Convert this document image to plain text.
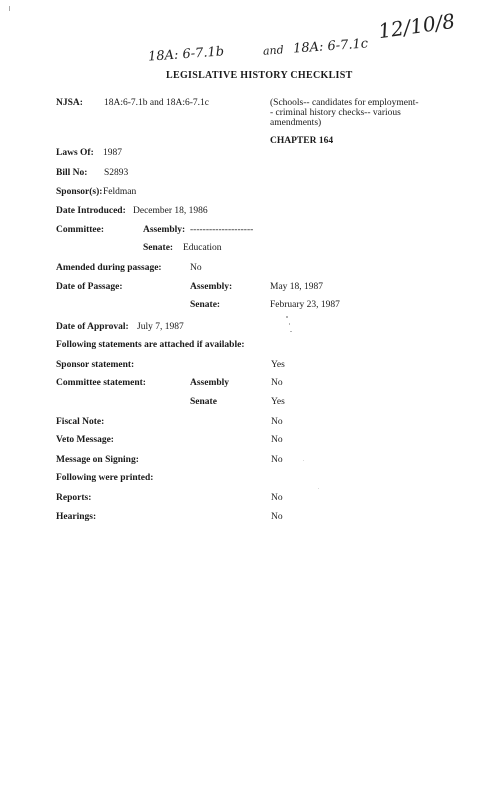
12/10/8
18A: 6-7.1b	and 18A: 6-7.1c
LEGISLATIVE HISTORY CHECKLIST
NJSA: 18A:6-7.1b and 18A:6-7.1c	(Schools-- candidates for employment-- criminal history checks-- various amendments)
CHAPTER 164
Laws Of: 1987
Bill No: S2893
Sponsor(s): Feldman
Date Introduced: December 18, 1986
Committee:	Assembly: --------------------
Senate: Education
Amended during passage:	No
Date of Passage:	Assembly:	May 18, 1987
Senate:	February 23, 1987
Date of Approval: July 7, 1987
Following statements are attached if available:
Sponsor statement:	Yes
Committee statement:	Assembly	No
Senate	Yes
Fiscal Note:	No
Veto Message:	No
Message on Signing:	No
Following were printed:
Reports:	No
Hearings:	No
